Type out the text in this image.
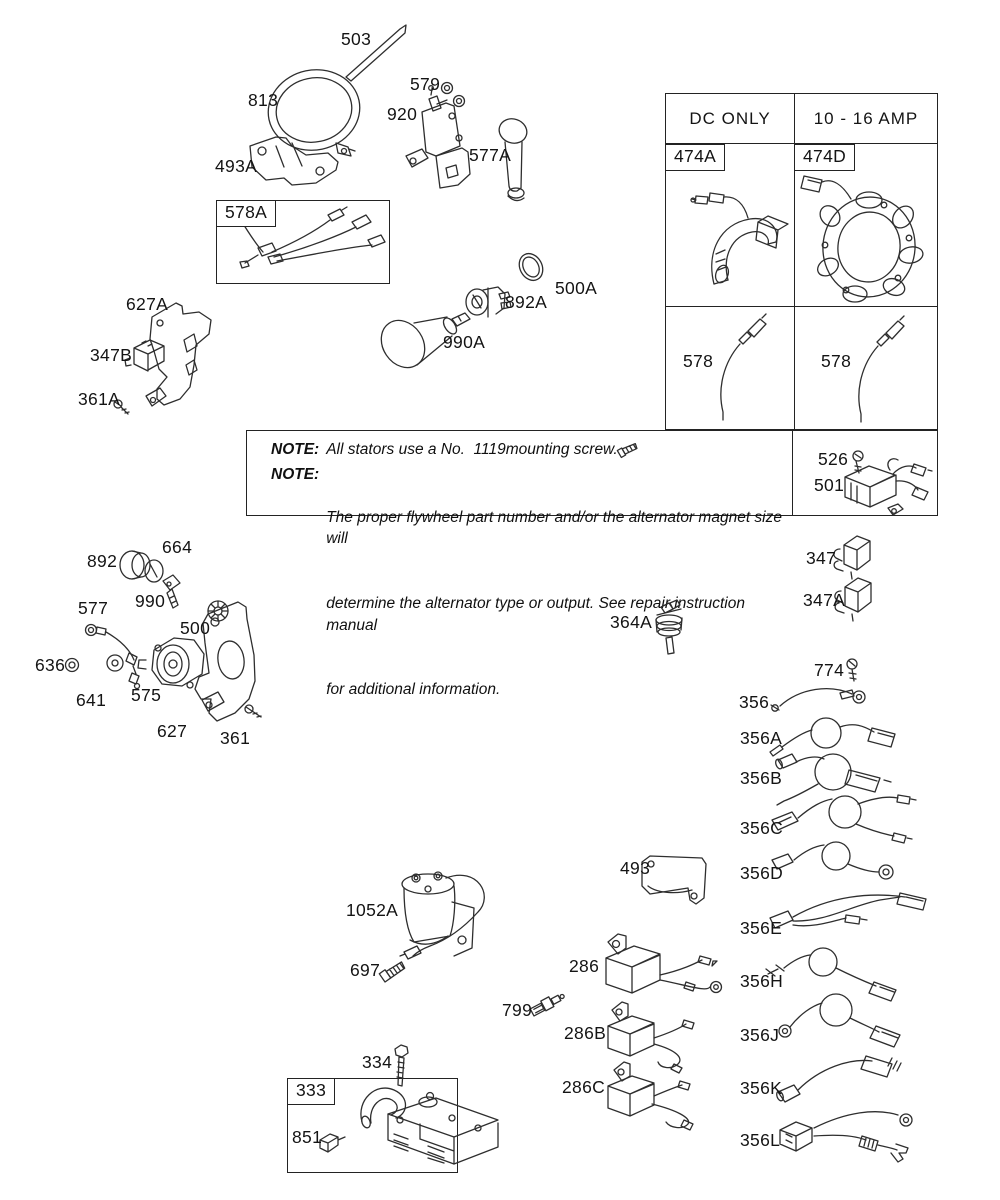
DC ONLY	10 - 16 AMP
NOTE: All stators use a No.  1119mounting screw.
NOTE:

The proper flywheel part number and/or the alternator magnet size will

determine the alternator type or output. See repair instruction manual

for additional information.

503
813
493A
579
920
577A
578A
500A
892A
990A
627A
347B
361A
892
664
990
577
500
636
641 575
627 361
364A
347
347A
774
356
356A
356B
356C
356D
356E
356H
356J
356K
356L
493
1052A
697	286
799
286B
286C
334
333
851
474A	474D
578	578
526
501
